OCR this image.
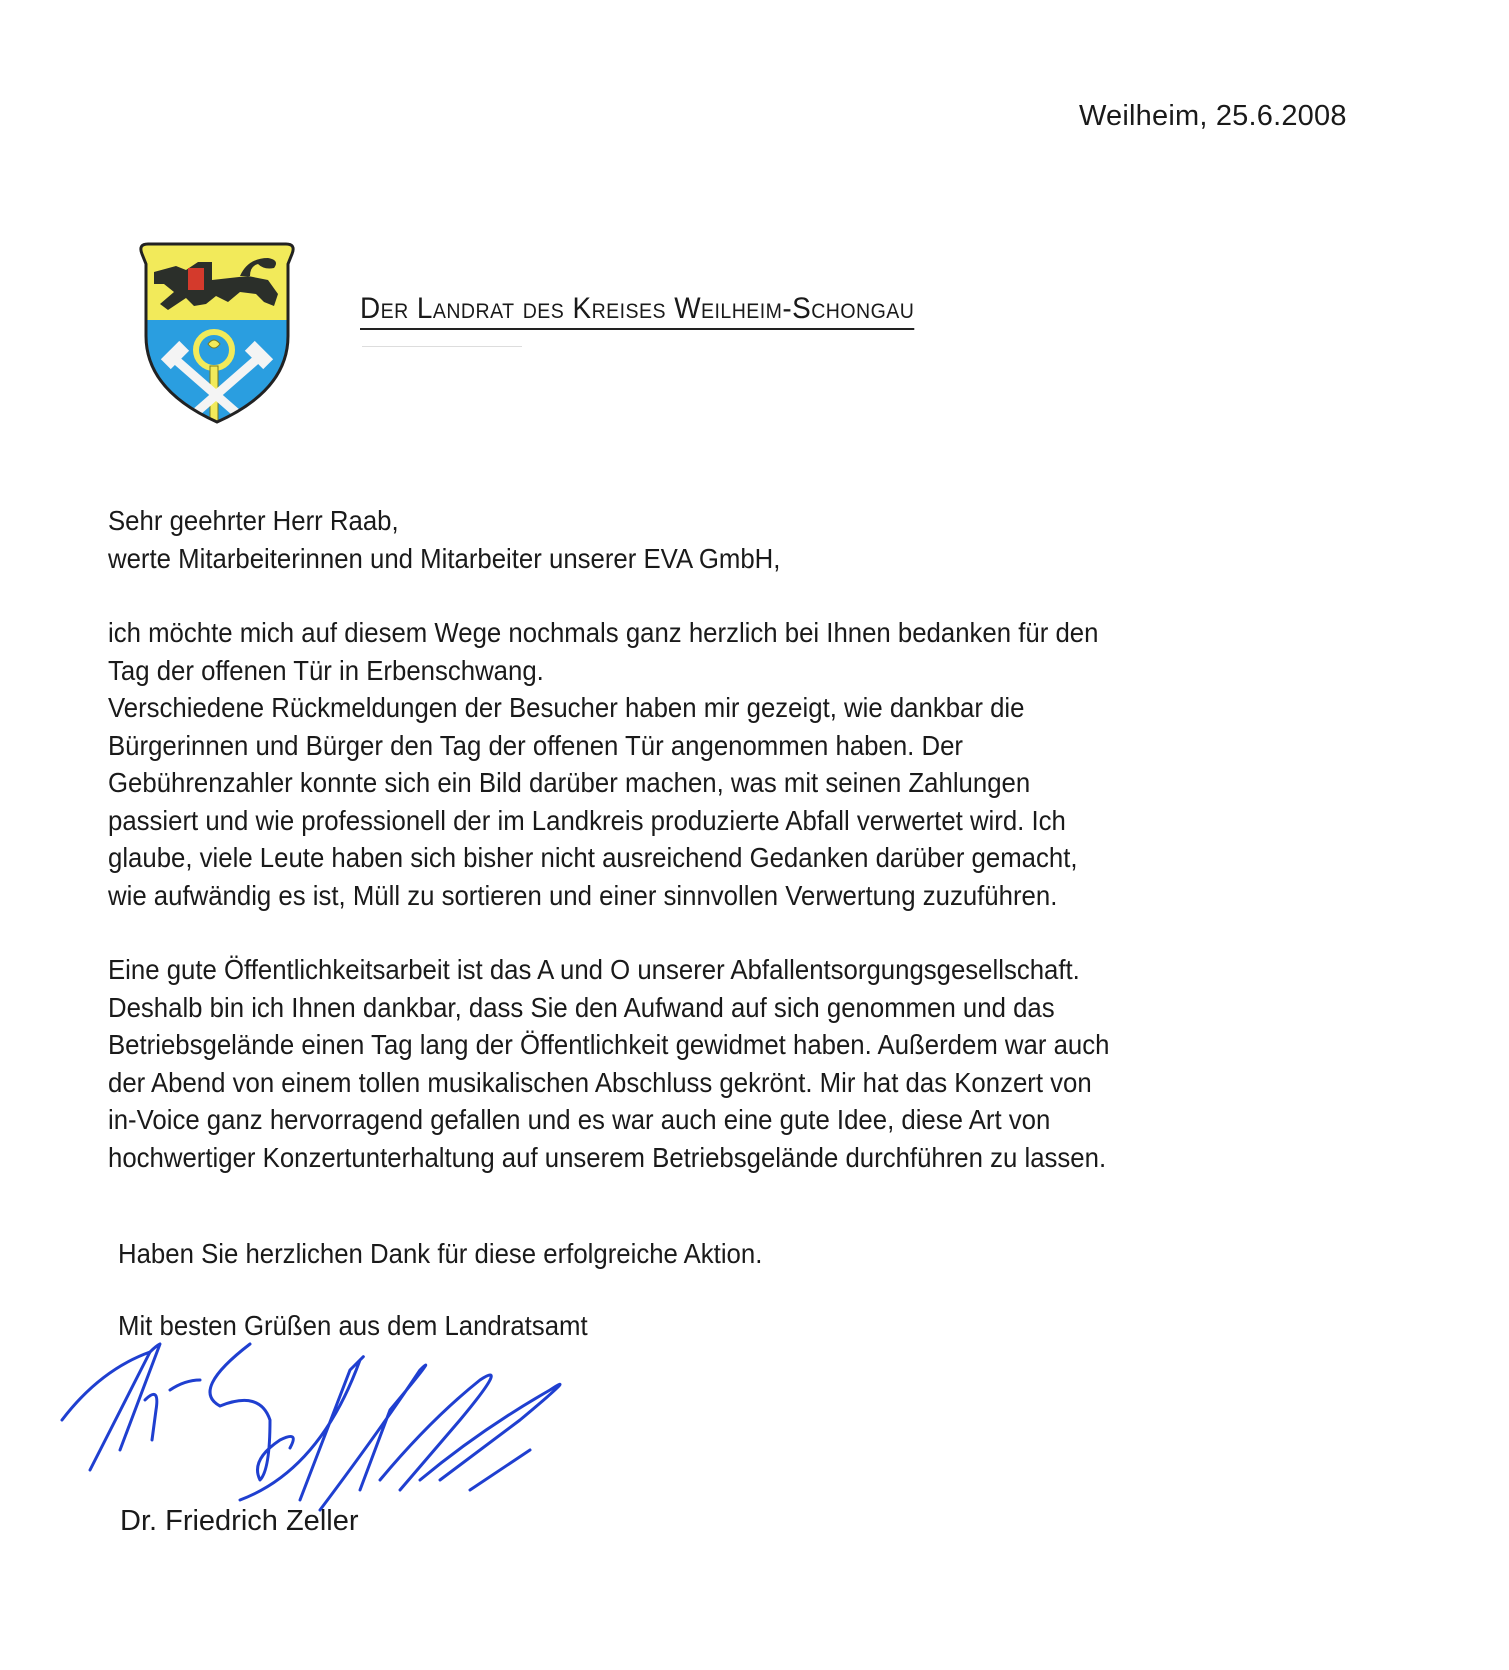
Weilheim, 25.6.2008
Der Landrat des Kreises Weilheim-Schongau

Sehr geehrter Herr Raab,

werte Mitarbeiterinnen und Mitarbeiter unserer EVA GmbH,

ich möchte mich auf diesem Wege nochmals ganz herzlich bei Ihnen bedanken für den

Tag der offenen Tür in Erbenschwang.

Verschiedene Rückmeldungen der Besucher haben mir gezeigt, wie dankbar die

Bürgerinnen und Bürger den Tag der offenen Tür angenommen haben. Der

Gebührenzahler konnte sich ein Bild darüber machen, was mit seinen Zahlungen

passiert und wie professionell der im Landkreis produzierte Abfall verwertet wird. Ich

glaube, viele Leute haben sich bisher nicht ausreichend Gedanken darüber gemacht,

wie aufwändig es ist, Müll zu sortieren und einer sinnvollen Verwertung zuzuführen.

Eine gute Öffentlichkeitsarbeit ist das A und O unserer Abfallentsorgungsgesellschaft.

Deshalb bin ich Ihnen dankbar, dass Sie den Aufwand auf sich genommen und das

Betriebsgelände einen Tag lang der Öffentlichkeit gewidmet haben. Außerdem war auch

der Abend von einem tollen musikalischen Abschluss gekrönt. Mir hat das Konzert von

in-Voice ganz hervorragend gefallen und es war auch eine gute Idee, diese Art von

hochwertiger Konzertunterhaltung auf unserem Betriebsgelände durchführen zu lassen.

Haben Sie herzlichen Dank für diese erfolgreiche Aktion.
Mit besten Grüßen aus dem Landratsamt
Dr. Friedrich Zeller
